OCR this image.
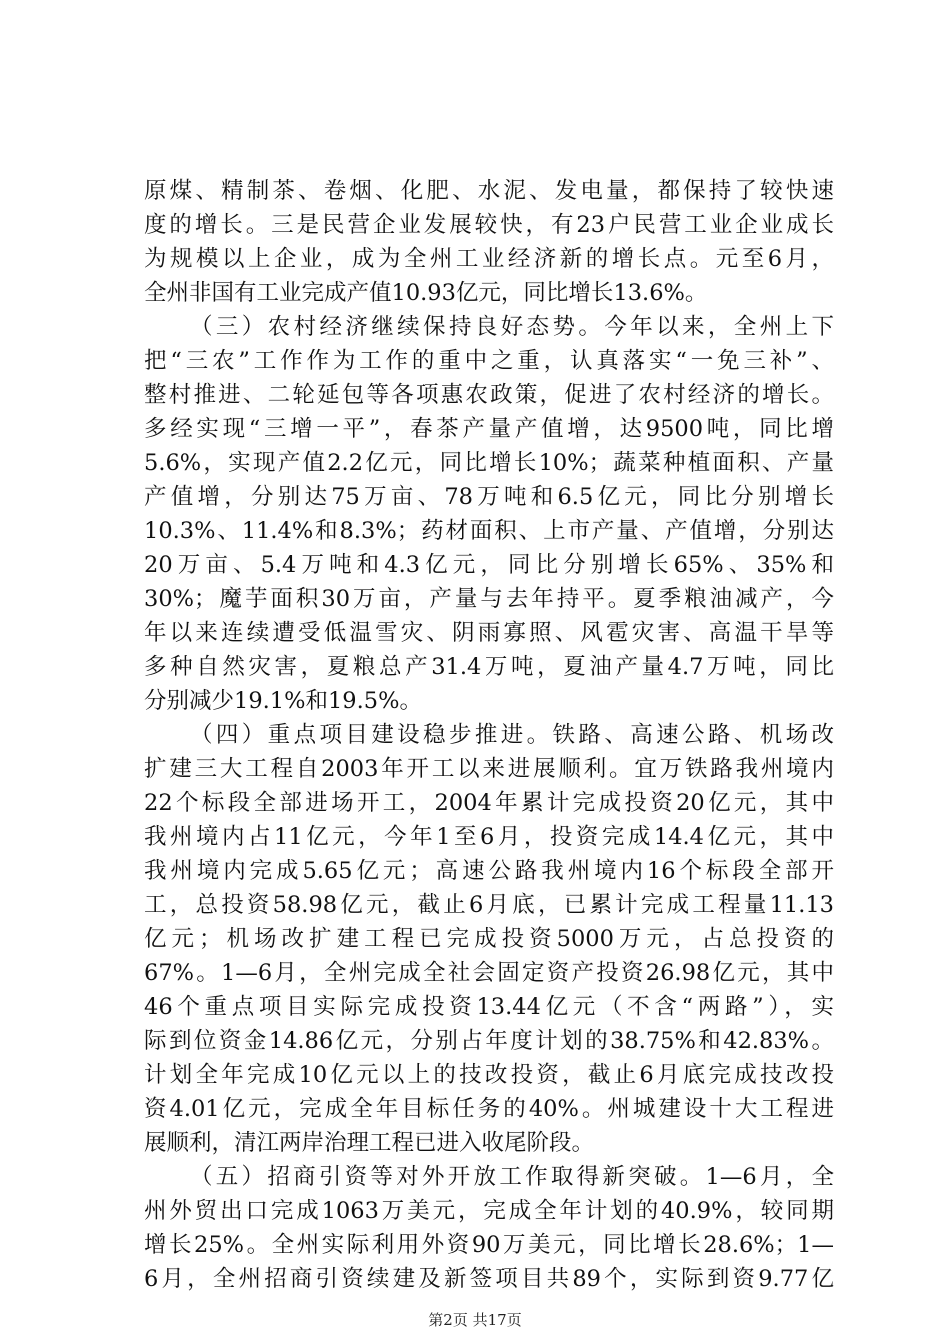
原煤、精制茶、卷烟、化肥、水泥、发电量，都保持了较快速
度的增长。三是民营企业发展较快，有23户民营工业企业成长
为规模以上企业，成为全州工业经济新的增长点。元至6月，
全州非国有工业完成产值10.93亿元，同比增长13.6%。
（三）农村经济继续保持良好态势。今年以来，全州上下
把“三农”工作作为工作的重中之重，认真落实“一免三补”、
整村推进、二轮延包等各项惠农政策，促进了农村经济的增长。
多经实现“三增一平”，春茶产量产值增，达9500吨，同比增
5.6%，实现产值2.2亿元，同比增长10%；蔬菜种植面积、产量
产值增，分别达75万亩、78万吨和6.5亿元，同比分别增长
10.3%、11.4%和8.3%；药材面积、上市产量、产值增，分别达
20万亩、5.4万吨和4.3亿元，同比分别增长65%、35%和
30%；魔芋面积30万亩，产量与去年持平。夏季粮油减产，今
年以来连续遭受低温雪灾、阴雨寡照、风雹灾害、高温干旱等
多种自然灾害，夏粮总产31.4万吨，夏油产量4.7万吨，同比
分别减少19.1%和19.5%。
（四）重点项目建设稳步推进。铁路、高速公路、机场改
扩建三大工程自2003年开工以来进展顺利。宜万铁路我州境内
22个标段全部进场开工，2004年累计完成投资20亿元，其中
我州境内占11亿元，今年1至6月，投资完成14.4亿元，其中
我州境内完成5.65亿元；高速公路我州境内16个标段全部开
工，总投资58.98亿元，截止6月底，已累计完成工程量11.13
亿元；机场改扩建工程已完成投资5000万元，占总投资的
67%。1—6月，全州完成全社会固定资产投资26.98亿元，其中
46个重点项目实际完成投资13.44亿元（不含“两路”），实
际到位资金14.86亿元，分别占年度计划的38.75%和42.83%。
计划全年完成10亿元以上的技改投资，截止6月底完成技改投
资4.01亿元，完成全年目标任务的40%。州城建设十大工程进
展顺利，清江两岸治理工程已进入收尾阶段。
（五）招商引资等对外开放工作取得新突破。1—6月，全
州外贸出口完成1063万美元，完成全年计划的40.9%，较同期
增长25%。全州实际利用外资90万美元，同比增长28.6%；1—
6月，全州招商引资续建及新签项目共89个，实际到资9.77亿
第2页 共17页
